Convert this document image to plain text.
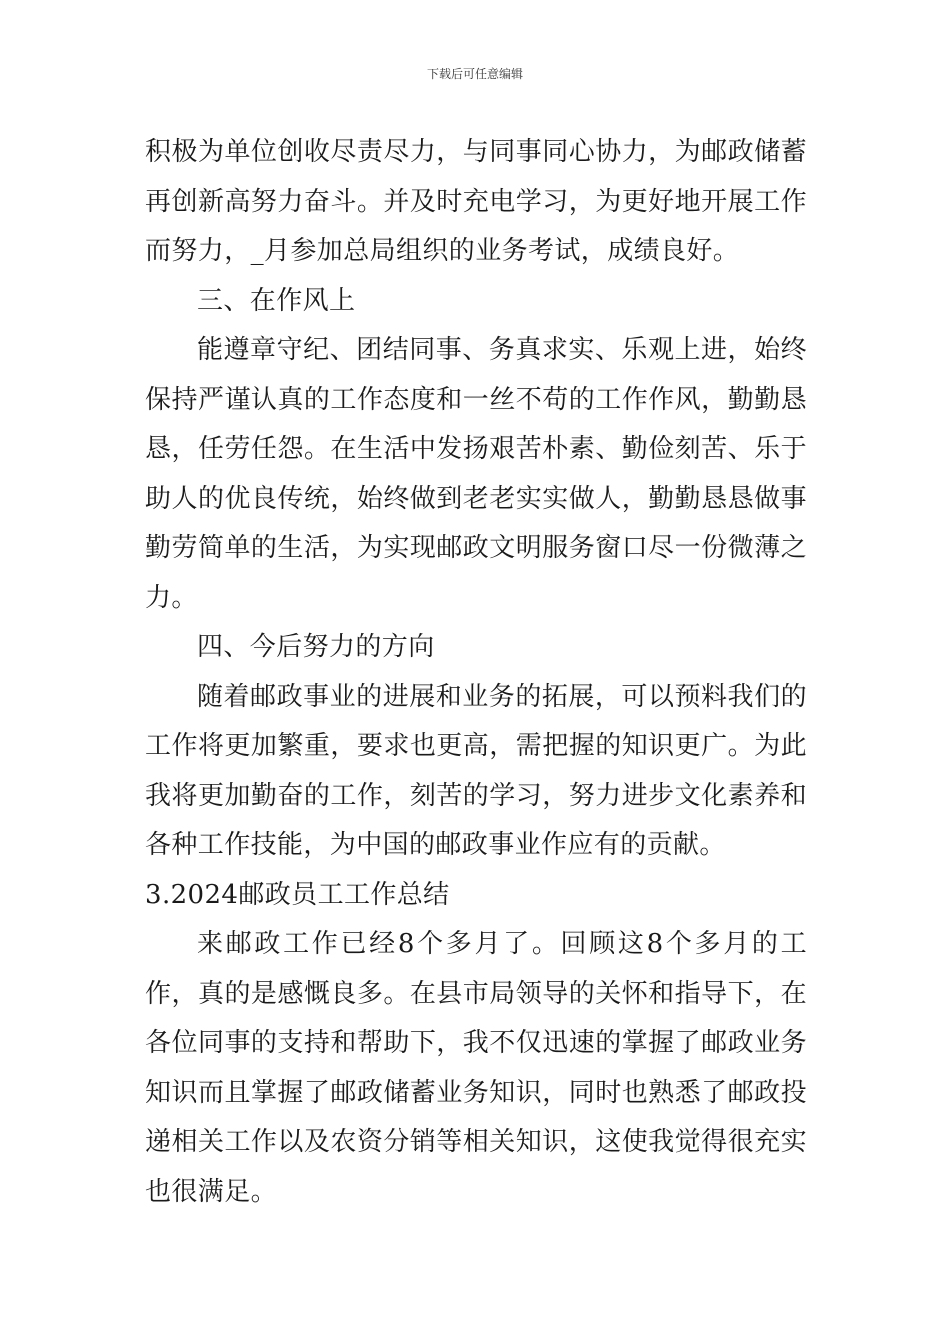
下载后可任意编辑

积极为单位创收尽责尽力，与同事同心协力，为邮政储蓄再创新高努力奋斗。并及时充电学习，为更好地开展工作而努力，_月参加总局组织的业务考试，成绩良好。

三、在作风上

能遵章守纪、团结同事、务真求实、乐观上进，始终保持严谨认真的工作态度和一丝不苟的工作作风，勤勤恳恳，任劳任怨。在生活中发扬艰苦朴素、勤俭刻苦、乐于助人的优良传统，始终做到老老实实做人，勤勤恳恳做事勤劳简单的生活，为实现邮政文明服务窗口尽一份微薄之力。

四、今后努力的方向

随着邮政事业的进展和业务的拓展，可以预料我们的工作将更加繁重，要求也更高，需把握的知识更广。为此我将更加勤奋的工作，刻苦的学习，努力进步文化素养和各种工作技能，为中国的邮政事业作应有的贡献。

3.2024邮政员工工作总结

来邮政工作已经8个多月了。回顾这8个多月的工作，真的是感慨良多。在县市局领导的关怀和指导下，在各位同事的支持和帮助下，我不仅迅速的掌握了邮政业务知识而且掌握了邮政储蓄业务知识，同时也熟悉了邮政投递相关工作以及农资分销等相关知识，这使我觉得很充实也很满足。
